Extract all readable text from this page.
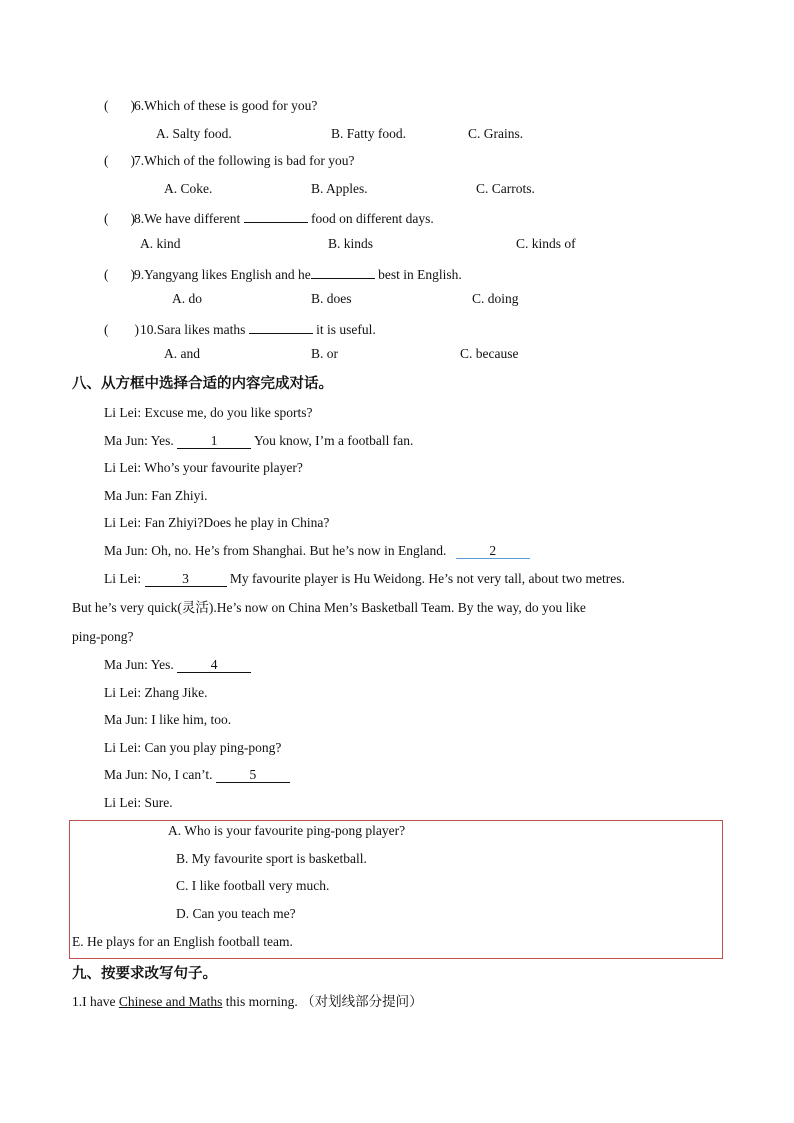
( )6.Which of these is good for you?
A. Salty food.	B. Fatty food.	C. Grains.
( )7.Which of the following is bad for you?
A. Coke.	B. Apples.	C. Carrots.
( )8.We have different	food on different days.
A. kind	B. kinds	C. kinds of
( )9.Yangyang likes English and he	best in English.
A. do	B. does	C. doing
( )10.Sara likes maths	it is useful.
A. and	B. or	C. because
八、从方框中选择合适的内容完成对话。
Li Lei: Excuse me, do you like sports?
Ma Jun: Yes.	1	You know, I’m a football fan.
Li Lei: Who’s your favourite player?
Ma Jun: Fan Zhiyi.
Li Lei: Fan Zhiyi?Does he play in China?
Ma Jun: Oh, no. He’s from Shanghai. But he’s now in England.	2
Li Lei:	3	My favourite player is Hu Weidong. He’s not very tall, about two metres.
But he’s very quick(灵活).He’s now on China Men’s Basketball Team. By the way, do you like
ping-pong?
Ma Jun: Yes.	4
Li Lei: Zhang Jike.
Ma Jun: I like him, too.
Li Lei: Can you play ping-pong?
Ma Jun: No, I can’t.	5
Li Lei: Sure.
A. Who is your favourite ping-pong player?
B. My favourite sport is basketball.
C. I like football very much.
D. Can you teach me?
E. He plays for an English football team.
九、按要求改写句子。
1.I have Chinese and Maths this morning. （对划线部分提问）
